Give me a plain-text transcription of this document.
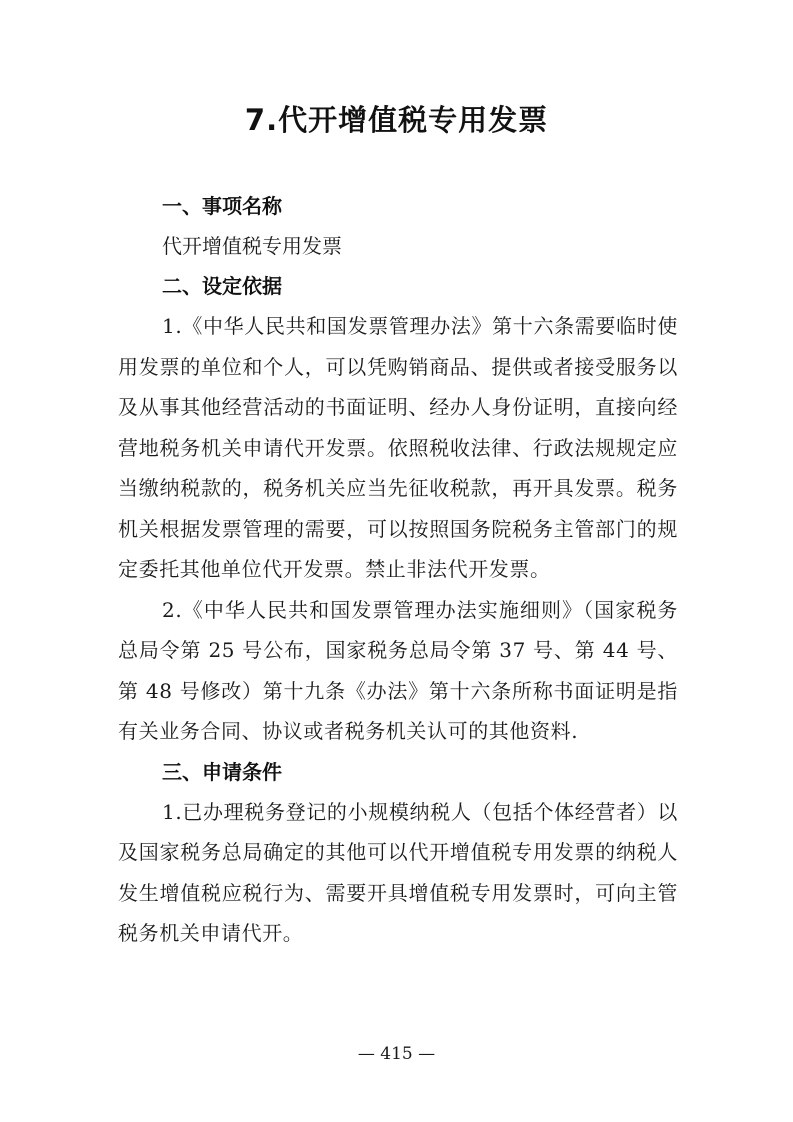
7.代开增值税专用发票

一、事项名称

代开增值税专用发票

二、设定依据

1.《中华人民共和国发票管理办法》第十六条需要临时使用发票的单位和个人，可以凭购销商品、提供或者接受服务以及从事其他经营活动的书面证明、经办人身份证明，直接向经营地税务机关申请代开发票。依照税收法律、行政法规规定应当缴纳税款的，税务机关应当先征收税款，再开具发票。税务机关根据发票管理的需要，可以按照国务院税务主管部门的规定委托其他单位代开发票。禁止非法代开发票。

2.《中华人民共和国发票管理办法实施细则》（国家税务总局令第 25 号公布，国家税务总局令第 37 号、第 44 号、第 48 号修改）第十九条《办法》第十六条所称书面证明是指有关业务合同、协议或者税务机关认可的其他资料.

三、申请条件

1.已办理税务登记的小规模纳税人（包括个体经营者）以及国家税务总局确定的其他可以代开增值税专用发票的纳税人发生增值税应税行为、需要开具增值税专用发票时，可向主管税务机关申请代开。

— 415 —
